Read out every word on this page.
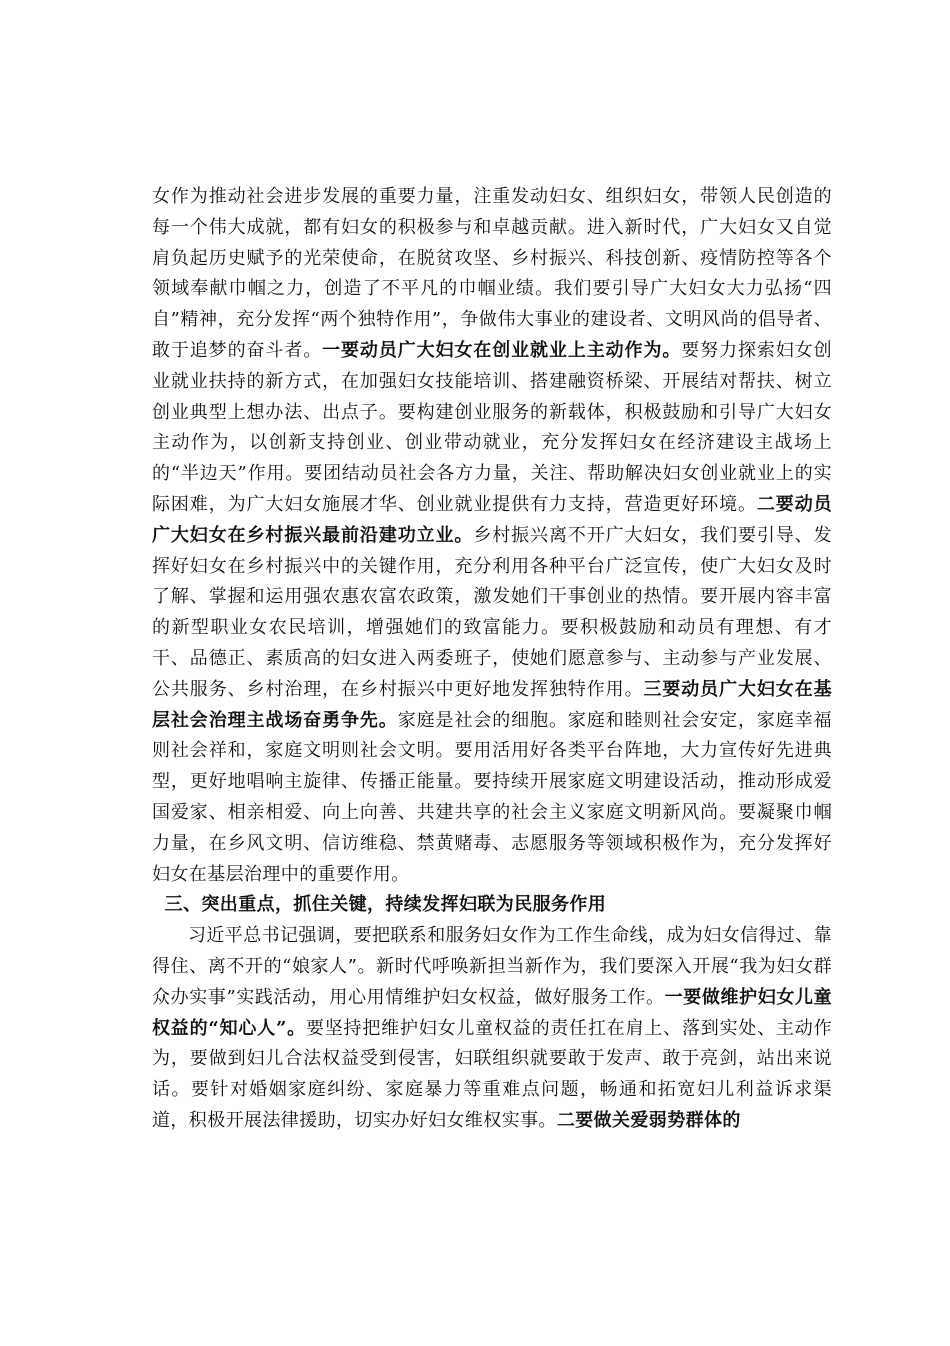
女作为推动社会进步发展的重要力量，注重发动妇女、组织妇女，带领人民创造的每一个伟大成就，都有妇女的积极参与和卓越贡献。进入新时代，广大妇女又自觉肩负起历史赋予的光荣使命，在脱贫攻坚、乡村振兴、科技创新、疫情防控等各个领域奉献巾帼之力，创造了不平凡的巾帼业绩。我们要引导广大妇女大力弘扬“四自”精神，充分发挥“两个独特作用”，争做伟大事业的建设者、文明风尚的倡导者、敢于追梦的奋斗者。一要动员广大妇女在创业就业上主动作为。要努力探索妇女创业就业扶持的新方式，在加强妇女技能培训、搭建融资桥梁、开展结对帮扶、树立创业典型上想办法、出点子。要构建创业服务的新载体，积极鼓励和引导广大妇女主动作为，以创新支持创业、创业带动就业，充分发挥妇女在经济建设主战场上的“半边天”作用。要团结动员社会各方力量，关注、帮助解决妇女创业就业上的实际困难，为广大妇女施展才华、创业就业提供有力支持，营造更好环境。二要动员广大妇女在乡村振兴最前沿建功立业。乡村振兴离不开广大妇女，我们要引导、发挥好妇女在乡村振兴中的关键作用，充分利用各种平台广泛宣传，使广大妇女及时了解、掌握和运用强农惠农富农政策，激发她们干事创业的热情。要开展内容丰富的新型职业女农民培训，增强她们的致富能力。要积极鼓励和动员有理想、有才干、品德正、素质高的妇女进入两委班子，使她们愿意参与、主动参与产业发展、公共服务、乡村治理，在乡村振兴中更好地发挥独特作用。三要动员广大妇女在基层社会治理主战场奋勇争先。家庭是社会的细胞。家庭和睦则社会安定，家庭幸福则社会祥和，家庭文明则社会文明。要用活用好各类平台阵地，大力宣传好先进典型，更好地唱响主旋律、传播正能量。要持续开展家庭文明建设活动，推动形成爱国爱家、相亲相爱、向上向善、共建共享的社会主义家庭文明新风尚。要凝聚巾帼力量，在乡风文明、信访维稳、禁黄赌毒、志愿服务等领域积极作为，充分发挥好妇女在基层治理中的重要作用。

三、突出重点，抓住关键，持续发挥妇联为民服务作用

习近平总书记强调，要把联系和服务妇女作为工作生命线，成为妇女信得过、靠得住、离不开的“娘家人”。新时代呼唤新担当新作为，我们要深入开展“我为妇女群众办实事”实践活动，用心用情维护妇女权益，做好服务工作。一要做维护妇女儿童权益的“知心人”。要坚持把维护妇女儿童权益的责任扛在肩上、落到实处、主动作为，要做到妇儿合法权益受到侵害，妇联组织就要敢于发声、敢于亮剑，站出来说话。要针对婚姻家庭纠纷、家庭暴力等重难点问题，畅通和拓宽妇儿利益诉求渠道，积极开展法律援助，切实办好妇女维权实事。二要做关爱弱势群体的
